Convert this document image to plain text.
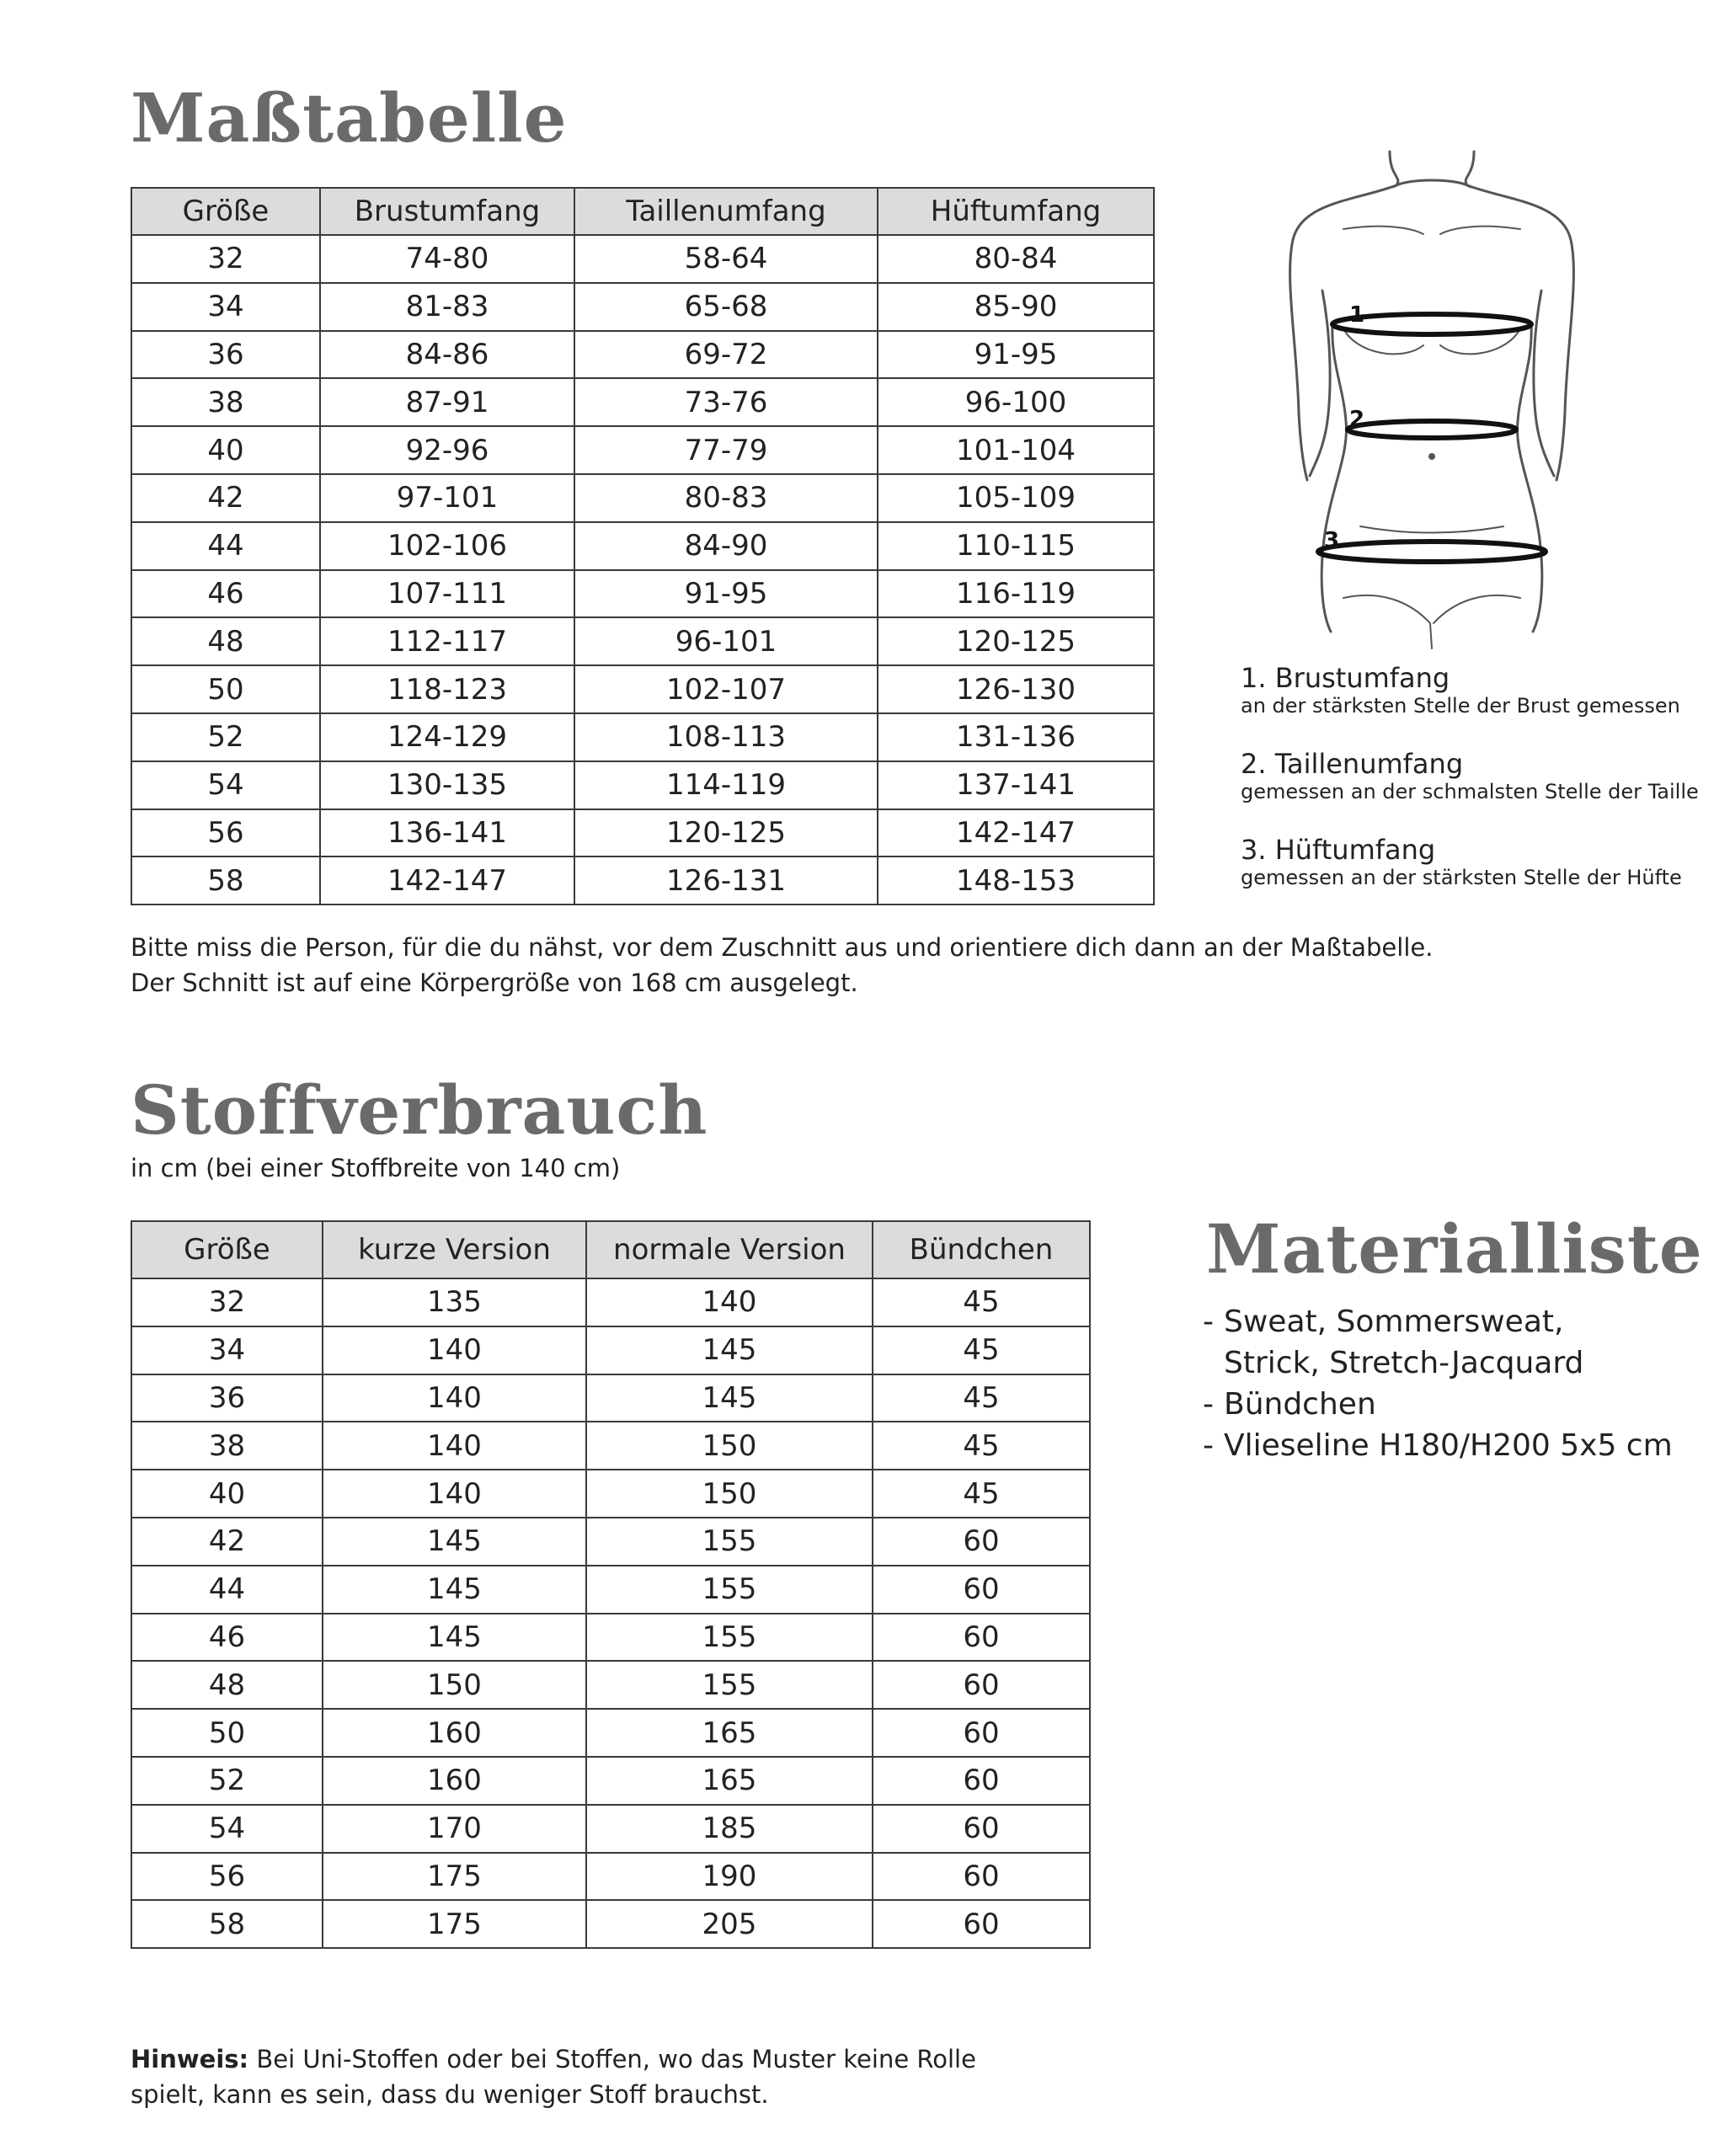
Maßtabelle
Größe	Brustumfang	Taillenumfang	Hüftumfang
32	74-80	58-64	80-84
34	81-83	65-68	85-90
36	84-86	69-72	91-95
38	87-91	73-76	96-100
40	92-96	77-79	101-104
42	97-101	80-83	105-109
44	102-106	84-90	110-115
46	107-111	91-95	116-119
48	112-117	96-101	120-125
50	118-123	102-107	126-130
52	124-129	108-113	131-136
54	130-135	114-119	137-141
56	136-141	120-125	142-147
58	142-147	126-131	148-153

Bitte miss die Person, für die du nähst, vor dem Zuschnitt aus und orientiere dich dann an der Maßtabelle.
Der Schnitt ist auf eine Körpergröße von 168 cm ausgelegt.

1
2
3
1. Brustumfang
an der stärksten Stelle der Brust gemessen
2. Taillenumfang
gemessen an der schmalsten Stelle der Taille
3. Hüftumfang
gemessen an der stärksten Stelle der Hüfte
Stoffverbrauch

in cm (bei einer Stoffbreite von 140 cm)

Größe	kurze Version	normale Version	Bündchen
32	135	140	45
34	140	145	45
36	140	145	45
38	140	150	45
40	140	150	45
42	145	155	60
44	145	155	60
46	145	155	60
48	150	155	60
50	160	165	60
52	160	165	60
54	170	185	60
56	175	190	60
58	175	205	60
Materialliste
- Sweat, Sommersweat, Strick, Stretch-Jacquard
- Bündchen
- Vlieseline H180/H200 5x5 cm

Hinweis: Bei Uni-Stoffen oder bei Stoffen, wo das Muster keine Rolle
spielt, kann es sein, dass du weniger Stoff brauchst.
